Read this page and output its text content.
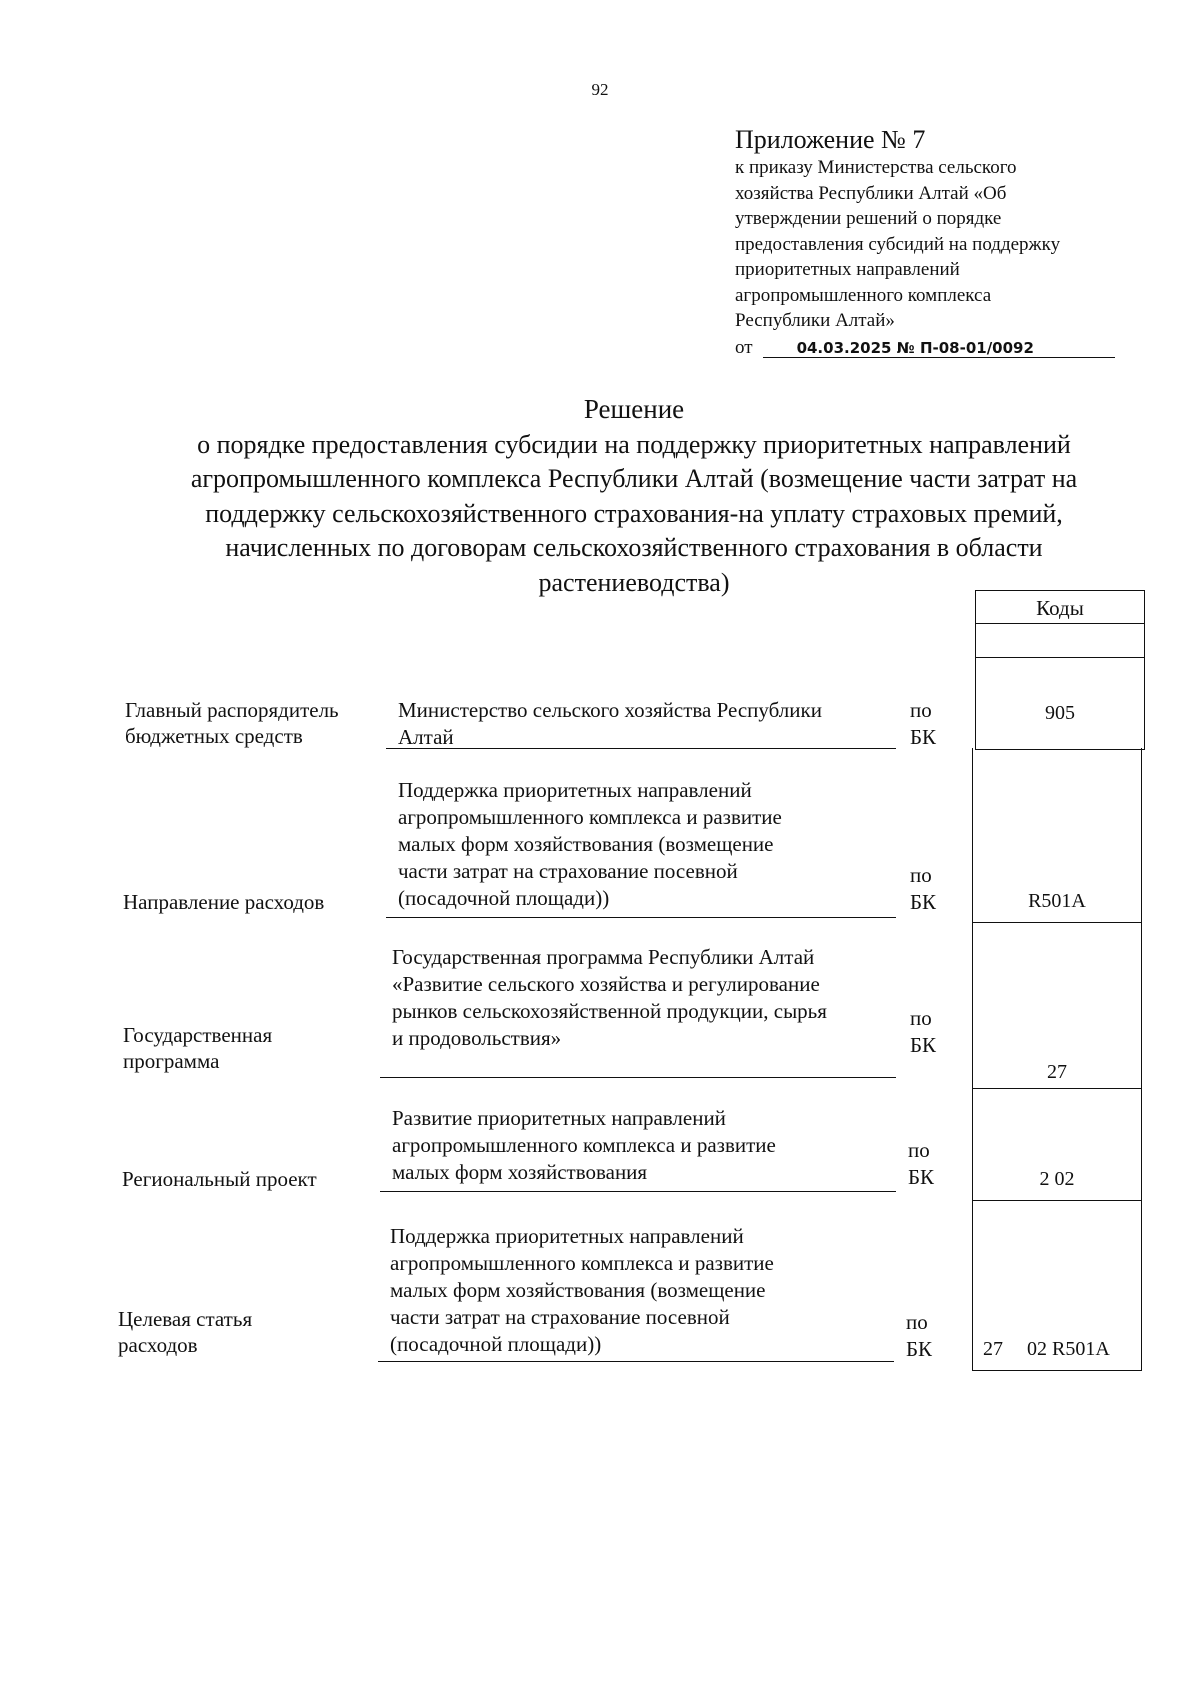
92
Приложение № 7
к приказу Министерства сельского
хозяйства Республики Алтай «Об
утверждении решений о порядке
предоставления субсидий на поддержку
приоритетных направлений
агропромышленного комплекса
Республики Алтай»
от	04.03.2025 № П-08-01/0092
Решение
о порядке предоставления субсидии на поддержку приоритетных направлений
агропромышленного комплекса Республики Алтай (возмещение части затрат на
поддержку сельскохозяйственного страхования-на уплату страховых премий,
начисленных по договорам сельскохозяйственного страхования в области
растениеводства)
Коды
905
R501A
27
2 02
27 02 R501A
Главный распорядитель
бюджетных средств
Министерство сельского хозяйства Республики
Алтай
по
БК
Направление расходов
Поддержка приоритетных направлений
агропромышленного комплекса и развитие
малых форм хозяйствования (возмещение
части затрат на страхование посевной
(посадочной площади))
по
БК
Государственная
программа
Государственная программа Республики Алтай
«Развитие сельского хозяйства и регулирование
рынков сельскохозяйственной продукции, сырья
и продовольствия»
по
БК
Региональный проект
Развитие приоритетных направлений
агропромышленного комплекса и развитие
малых форм хозяйствования
по
БК
Целевая статья
расходов
Поддержка приоритетных направлений
агропромышленного комплекса и развитие
малых форм хозяйствования (возмещение
части затрат на страхование посевной
(посадочной площади))
по
БК
